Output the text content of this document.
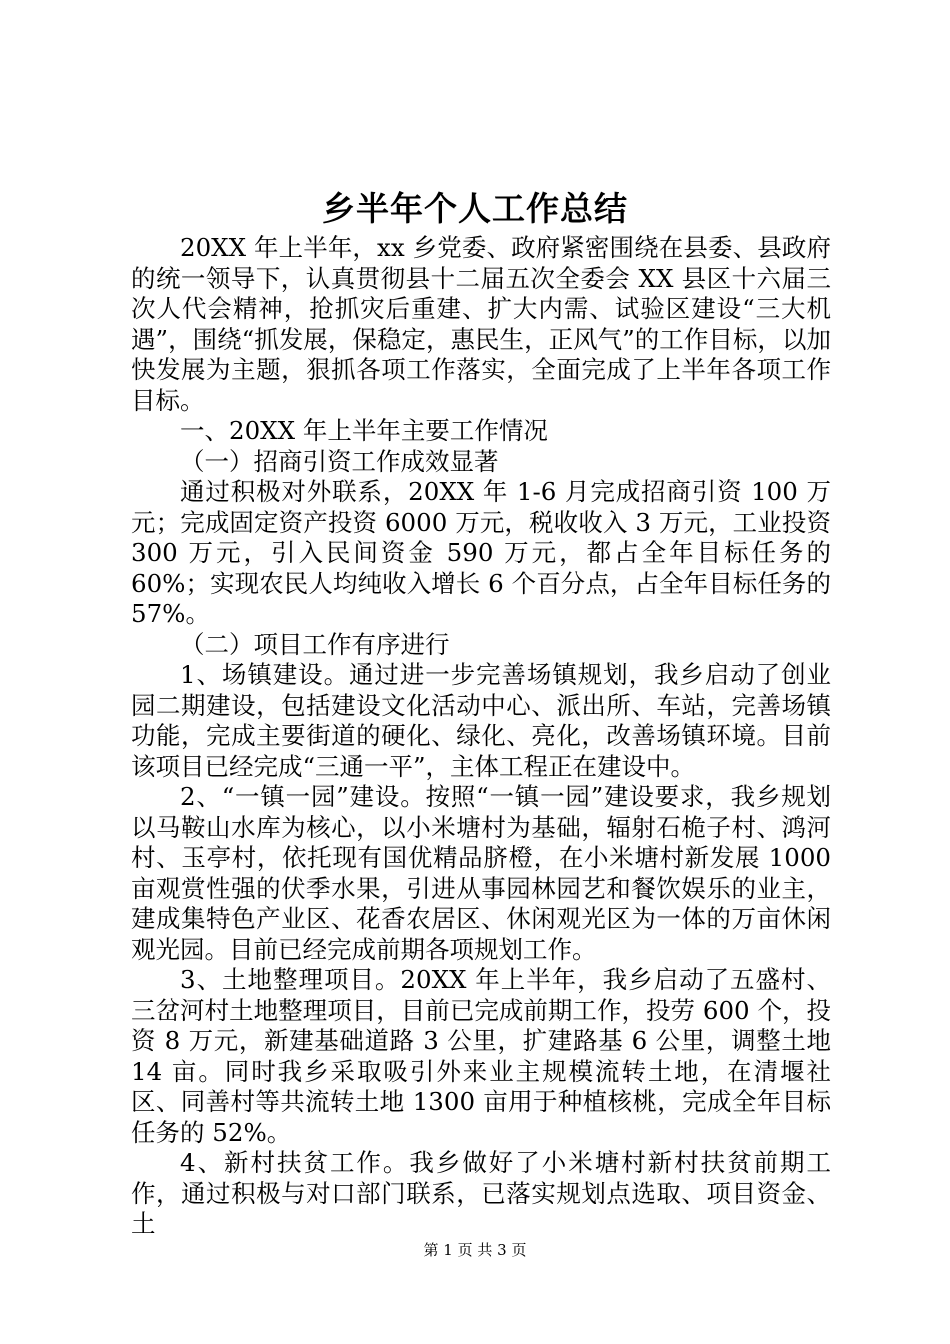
乡半年个人工作总结

20XX 年上半年，xx 乡党委、政府紧密围绕在县委、县政府的统一领导下，认真贯彻县十二届五次全委会 XX 县区十六届三次人代会精神，抢抓灾后重建、扩大内需、试验区建设“三大机遇”，围绕“抓发展，保稳定，惠民生，正风气”的工作目标，以加快发展为主题，狠抓各项工作落实，全面完成了上半年各项工作目标。

一、20XX 年上半年主要工作情况

（一）招商引资工作成效显著

通过积极对外联系，20XX 年 1-6 月完成招商引资 100 万元；完成固定资产投资 6000 万元，税收收入 3 万元，工业投资 300 万元，引入民间资金 590 万元，都占全年目标任务的 60%；实现农民人均纯收入增长 6 个百分点，占全年目标任务的 57%。

（二）项目工作有序进行

1、场镇建设。通过进一步完善场镇规划，我乡启动了创业园二期建设，包括建设文化活动中心、派出所、车站，完善场镇功能，完成主要街道的硬化、绿化、亮化，改善场镇环境。目前该项目已经完成“三通一平”，主体工程正在建设中。

2、“一镇一园”建设。按照“一镇一园”建设要求，我乡规划以马鞍山水库为核心，以小米塘村为基础，辐射石桅子村、鸿河村、玉亭村，依托现有国优精品脐橙，在小米塘村新发展 1000 亩观赏性强的伏季水果，引进从事园林园艺和餐饮娱乐的业主，建成集特色产业区、花香农居区、休闲观光区为一体的万亩休闲观光园。目前已经完成前期各项规划工作。

3、土地整理项目。20XX 年上半年，我乡启动了五盛村、三岔河村土地整理项目，目前已完成前期工作，投劳 600 个，投资 8 万元，新建基础道路 3 公里，扩建路基 6 公里，调整土地 14 亩。同时我乡采取吸引外来业主规模流转土地，在清堰社区、同善村等共流转土地 1300 亩用于种植核桃，完成全年目标任务的 52%。

4、新村扶贫工作。我乡做好了小米塘村新村扶贫前期工作，通过积极与对口部门联系，已落实规划点选取、项目资金、土

第 1 页 共 3 页
